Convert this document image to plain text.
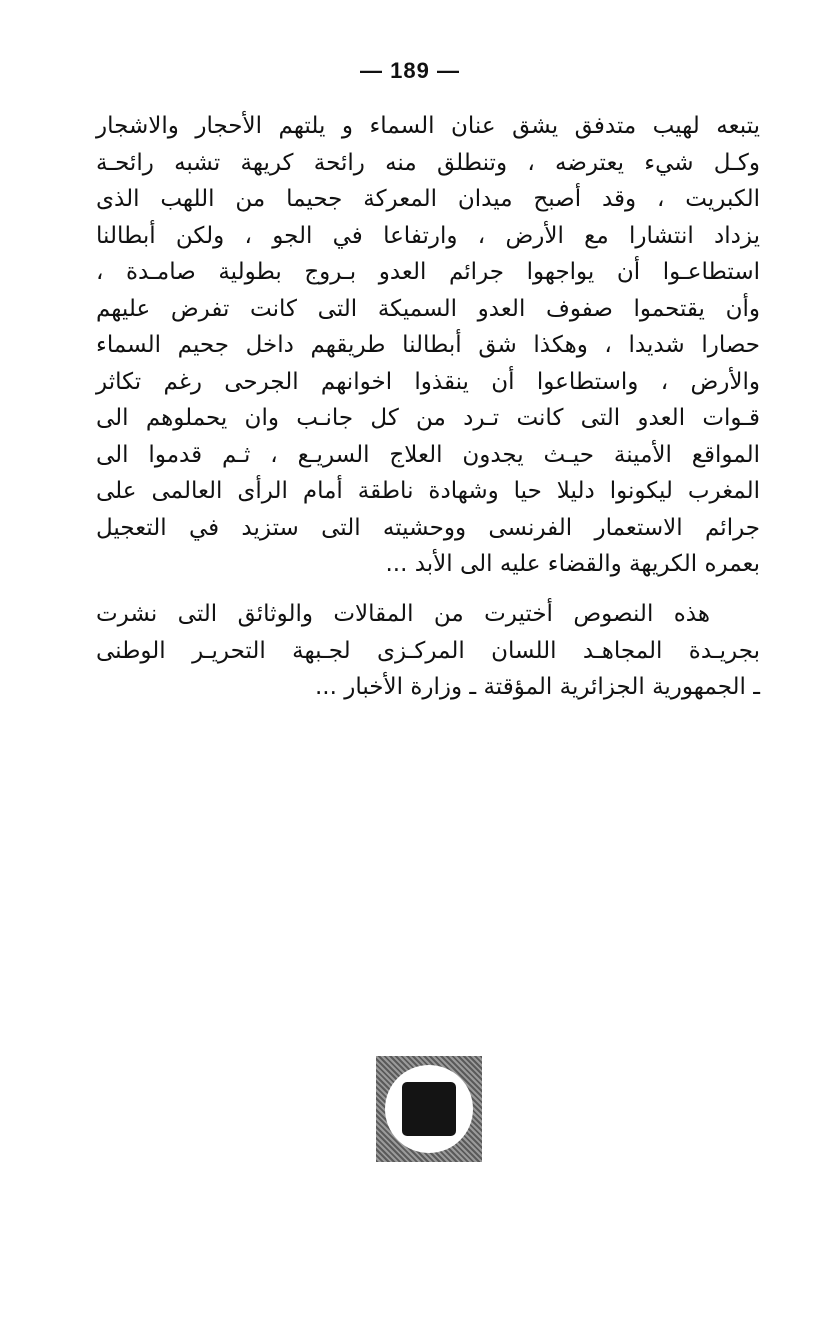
— 189 —
يتبعه لهيب متدفق يشق عنان السماء و يلتهم الأحجار والاشجار
وكـل شيء يعترضه ، وتنطلق منه رائحة كريهة تشبه رائحـة
الكبريت ، وقد أصبح ميدان المعركة جحيما من اللهب الذى
يزداد انتشارا مع الأرض ، وارتفاعا في الجو ، ولكن أبطالنا
استطاعـوا أن يواجهوا جرائم العدو بـروج بطولية صامـدة ،
وأن يقتحموا صفوف العدو السميكة التى كانت تفرض عليهم
حصارا شديدا ، وهكذا شق أبطالنا طريقهم داخل جحيم السماء
والأرض ، واستطاعوا أن ينقذوا اخوانهم الجرحى رغم تكاثر
قـوات العدو التى كانت تـرد من كل جانـب وان يحملوهم الى
المواقع الأمينة حيـث يجدون العلاج السريـع ، ثـم قدموا الى
المغرب ليكونوا دليلا حيا وشهادة ناطقة أمام الرأى العالمى على
جرائم الاستعمار الفرنسى ووحشيته التى ستزيد في التعجيل
بعمره الكريهة والقضاء عليه الى الأبد ...
هذه النصوص أختيرت من المقالات والوثائق التى نشرت
بجريـدة المجاهـد اللسان المركـزى لجـبهة التحريـر الوطنى
ـ الجمهورية الجزائرية المؤقتة ـ وزارة الأخبار ...
